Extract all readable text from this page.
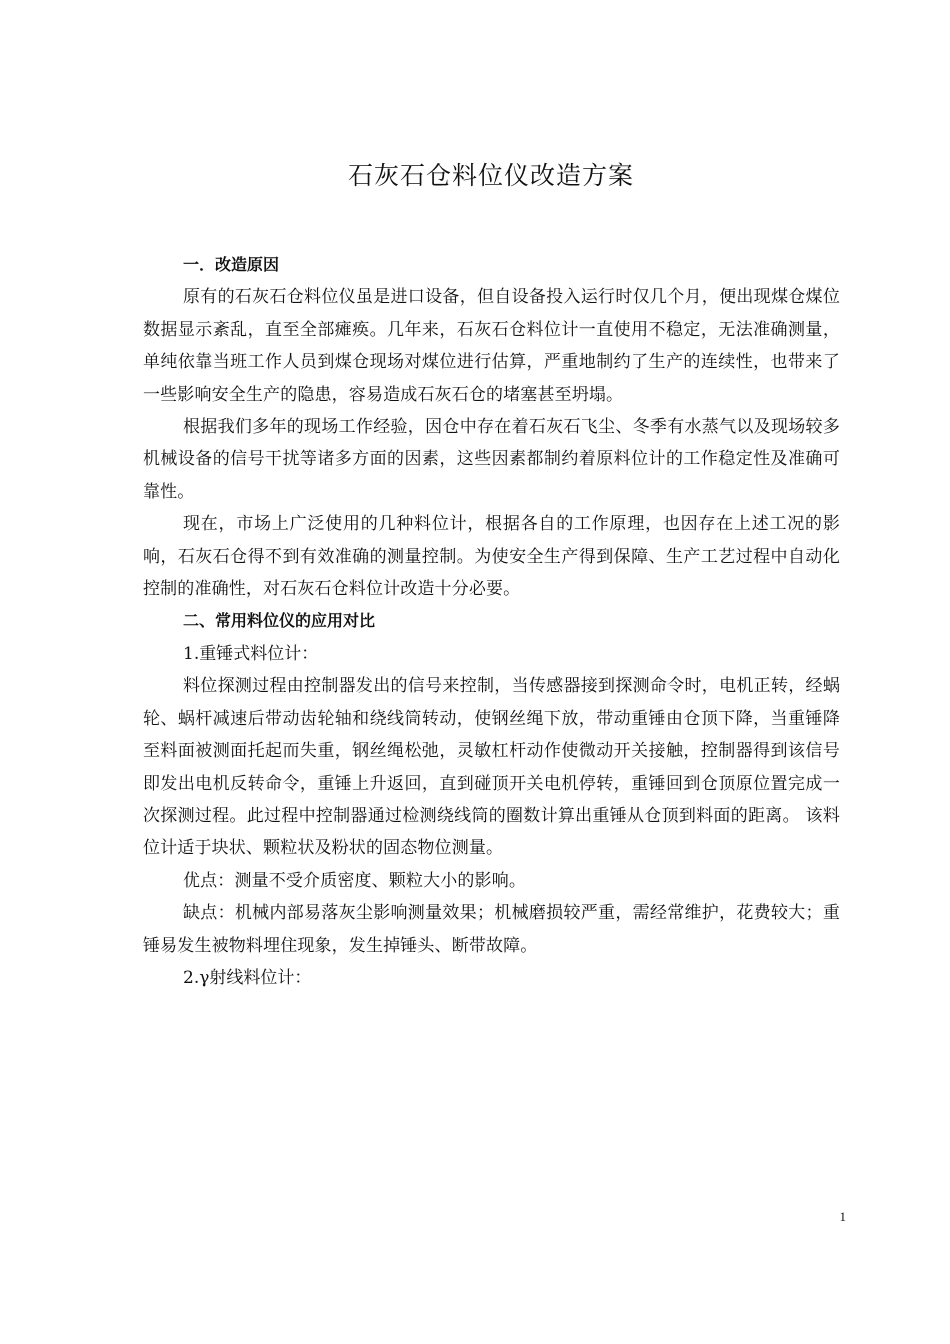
石灰石仓料位仪改造方案

一．改造原因

原有的石灰石仓料位仪虽是进口设备，但自设备投入运行时仅几个月，便出现煤仓煤位数据显示紊乱，直至全部瘫痪。几年来，石灰石仓料位计一直使用不稳定，无法准确测量，单纯依靠当班工作人员到煤仓现场对煤位进行估算，严重地制约了生产的连续性，也带来了一些影响安全生产的隐患，容易造成石灰石仓的堵塞甚至坍塌。

根据我们多年的现场工作经验，因仓中存在着石灰石飞尘、冬季有水蒸气以及现场较多机械设备的信号干扰等诸多方面的因素，这些因素都制约着原料位计的工作稳定性及准确可靠性。

现在，市场上广泛使用的几种料位计，根据各自的工作原理，也因存在上述工况的影响，石灰石仓得不到有效准确的测量控制。为使安全生产得到保障、生产工艺过程中自动化控制的准确性，对石灰石仓料位计改造十分必要。

二、常用料位仪的应用对比

1.重锤式料位计：

料位探测过程由控制器发出的信号来控制，当传感器接到探测命令时，电机正转，经蜗轮、蜗杆减速后带动齿轮轴和绕线筒转动，使钢丝绳下放，带动重锤由仓顶下降，当重锤降至料面被测面托起而失重，钢丝绳松弛，灵敏杠杆动作使微动开关接触，控制器得到该信号即发出电机反转命令，重锤上升返回，直到碰顶开关电机停转，重锤回到仓顶原位置完成一次探测过程。此过程中控制器通过检测绕线筒的圈数计算出重锤从仓顶到料面的距离。 该料位计适于块状、颗粒状及粉状的固态物位测量。

优点：测量不受介质密度、颗粒大小的影响。

缺点：机械内部易落灰尘影响测量效果；机械磨损较严重，需经常维护，花费较大；重锤易发生被物料埋住现象，发生掉锤头、断带故障。

2.γ射线料位计：

1
